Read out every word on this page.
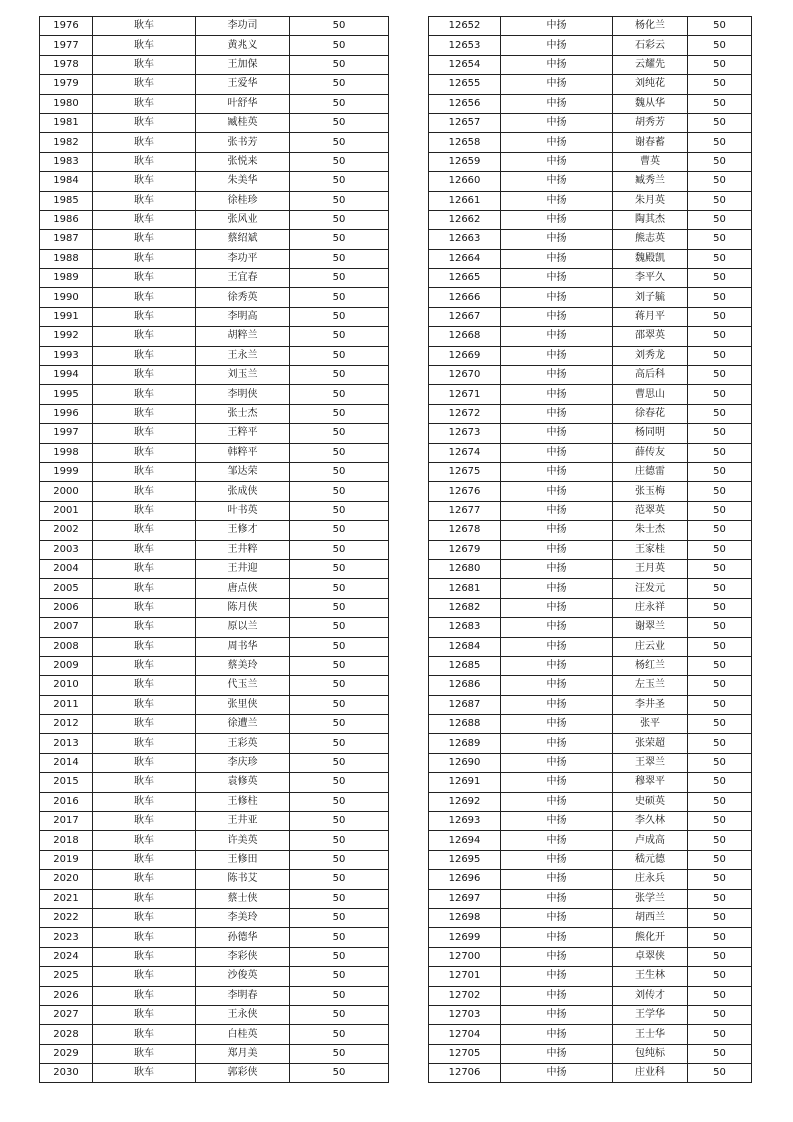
1976	耿车	李功司	50
1977	耿车	黄兆义	50
1978	耿车	王加保	50
1979	耿车	王爱华	50
1980	耿车	叶舒华	50
1981	耿车	臧桂英	50
1982	耿车	张书芳	50
1983	耿车	张悦来	50
1984	耿车	朱美华	50
1985	耿车	徐桂珍	50
1986	耿车	张风业	50
1987	耿车	蔡绍斌	50
1988	耿车	李功平	50
1989	耿车	王宜春	50
1990	耿车	徐秀英	50
1991	耿车	李明高	50
1992	耿车	胡粹兰	50
1993	耿车	王永兰	50
1994	耿车	刘玉兰	50
1995	耿车	李明侠	50
1996	耿车	张士杰	50
1997	耿车	王粹平	50
1998	耿车	韩粹平	50
1999	耿车	邹达荣	50
2000	耿车	张成侠	50
2001	耿车	叶书英	50
2002	耿车	王修才	50
2003	耿车	王井粹	50
2004	耿车	王井迎	50
2005	耿车	唐点侠	50
2006	耿车	陈月侠	50
2007	耿车	原以兰	50
2008	耿车	周书华	50
2009	耿车	蔡美玲	50
2010	耿车	代玉兰	50
2011	耿车	张里侠	50
2012	耿车	徐遭兰	50
2013	耿车	王彩英	50
2014	耿车	李庆珍	50
2015	耿车	袁修英	50
2016	耿车	王修柱	50
2017	耿车	王井亚	50
2018	耿车	许美英	50
2019	耿车	王修田	50
2020	耿车	陈书艾	50
2021	耿车	蔡士侠	50
2022	耿车	李美玲	50
2023	耿车	孙德华	50
2024	耿车	李彩侠	50
2025	耿车	沙俊英	50
2026	耿车	李明春	50
2027	耿车	王永侠	50
2028	耿车	白桂英	50
2029	耿车	郑月美	50
2030	耿车	郭彩侠	50
12652	中扬	杨化兰	50
12653	中扬	石彩云	50
12654	中扬	云耀先	50
12655	中扬	刘纯花	50
12656	中扬	魏从华	50
12657	中扬	胡秀芳	50
12658	中扬	谢春蓄	50
12659	中扬	曹英	50
12660	中扬	臧秀兰	50
12661	中扬	朱月英	50
12662	中扬	陶其杰	50
12663	中扬	熊志英	50
12664	中扬	魏殿凯	50
12665	中扬	李平久	50
12666	中扬	刘子毓	50
12667	中扬	蒋月平	50
12668	中扬	邵翠英	50
12669	中扬	刘秀龙	50
12670	中扬	高后科	50
12671	中扬	曹思山	50
12672	中扬	徐春花	50
12673	中扬	杨同明	50
12674	中扬	薛传友	50
12675	中扬	庄德雷	50
12676	中扬	张玉梅	50
12677	中扬	范翠英	50
12678	中扬	朱士杰	50
12679	中扬	王家桂	50
12680	中扬	王月英	50
12681	中扬	汪发元	50
12682	中扬	庄永祥	50
12683	中扬	谢翠兰	50
12684	中扬	庄云业	50
12685	中扬	杨红兰	50
12686	中扬	左玉兰	50
12687	中扬	李井圣	50
12688	中扬	张平	50
12689	中扬	张荣超	50
12690	中扬	王翠兰	50
12691	中扬	穆翠平	50
12692	中扬	史硕英	50
12693	中扬	李久林	50
12694	中扬	卢成高	50
12695	中扬	嵇元德	50
12696	中扬	庄永兵	50
12697	中扬	张学兰	50
12698	中扬	胡西兰	50
12699	中扬	熊化开	50
12700	中扬	卓翠侠	50
12701	中扬	王生林	50
12702	中扬	刘传才	50
12703	中扬	王学华	50
12704	中扬	王士华	50
12705	中扬	包纯标	50
12706	中扬	庄业科	50
